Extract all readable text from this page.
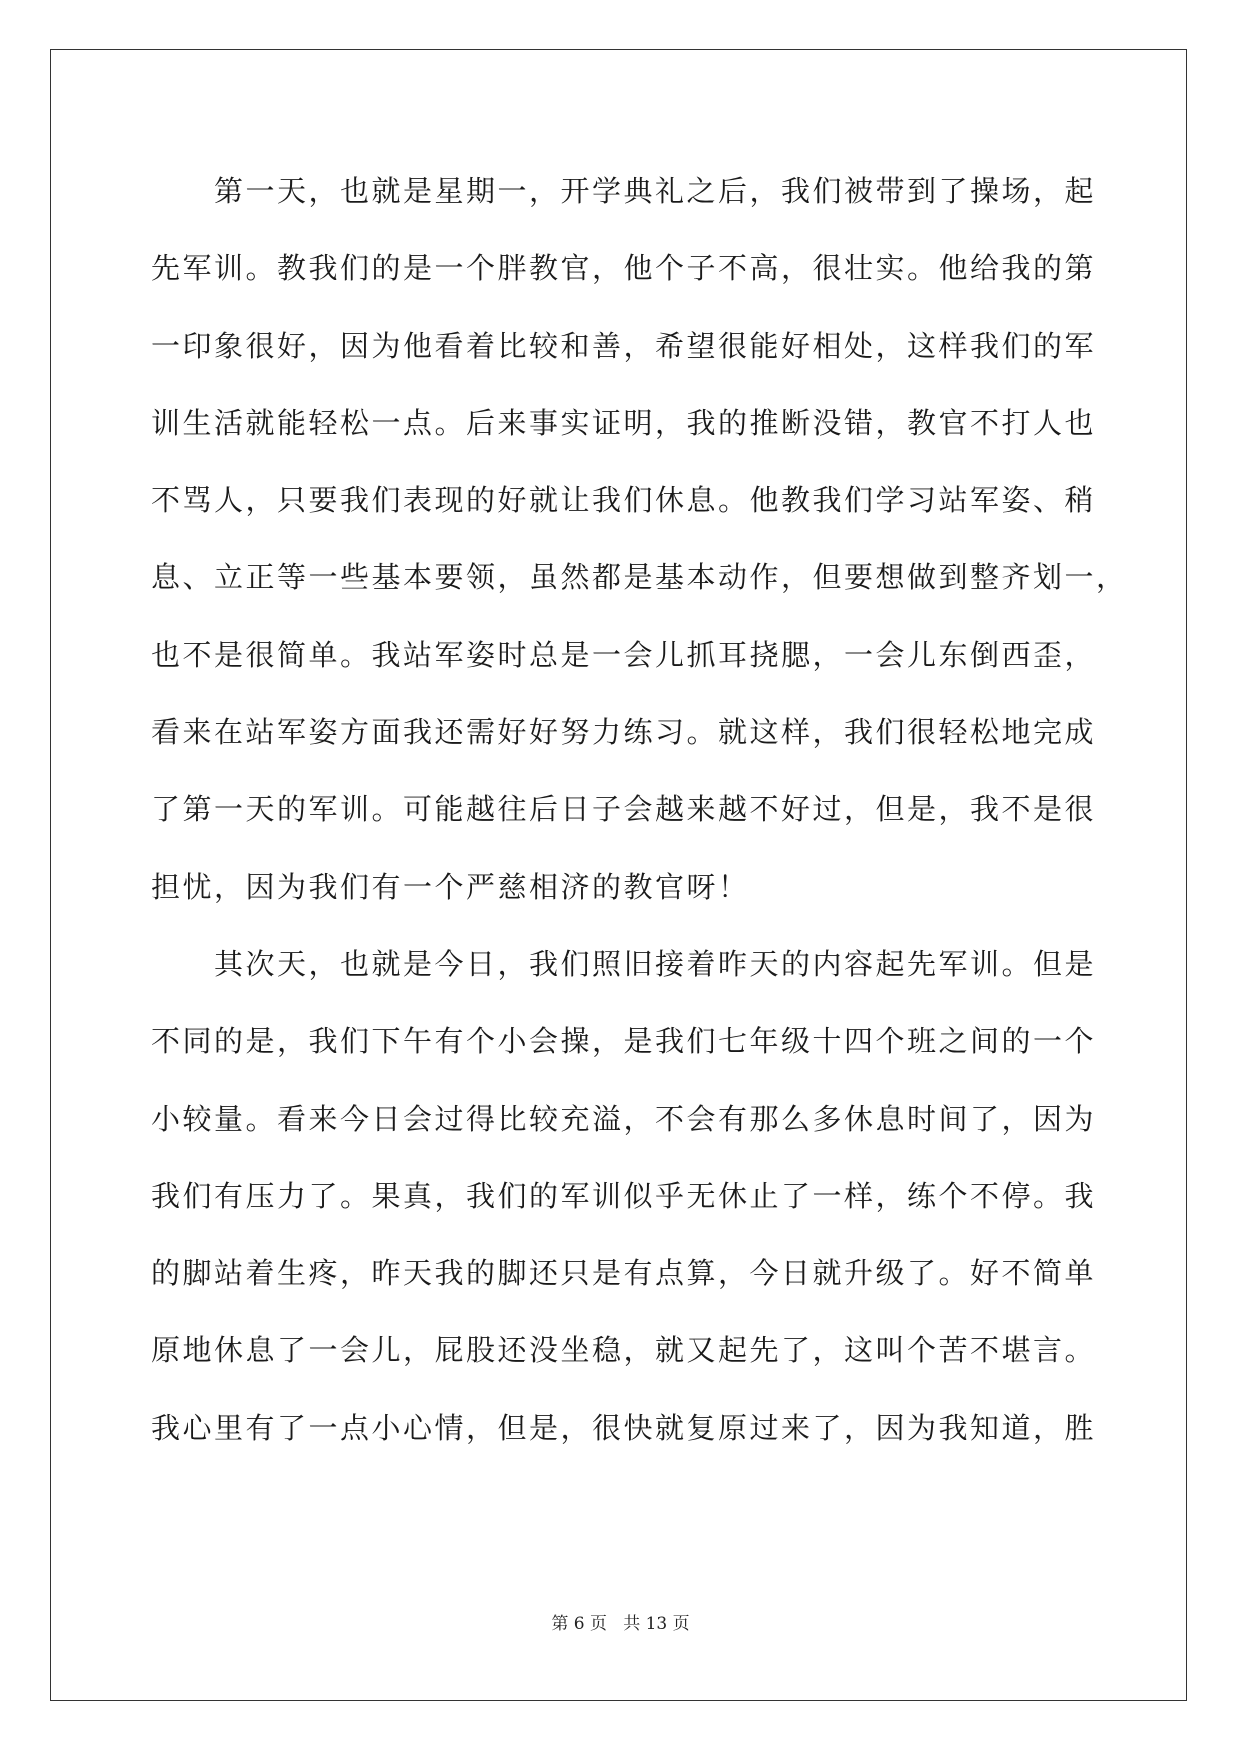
第一天，也就是星期一，开学典礼之后，我们被带到了操场，起
先军训。教我们的是一个胖教官，他个子不高，很壮实。他给我的第
一印象很好，因为他看着比较和善，希望很能好相处，这样我们的军
训生活就能轻松一点。后来事实证明，我的推断没错，教官不打人也
不骂人，只要我们表现的好就让我们休息。他教我们学习站军姿、稍
息、立正等一些基本要领，虽然都是基本动作，但要想做到整齐划一，
也不是很简单。我站军姿时总是一会儿抓耳挠腮，一会儿东倒西歪，
看来在站军姿方面我还需好好努力练习。就这样，我们很轻松地完成
了第一天的军训。可能越往后日子会越来越不好过，但是，我不是很
担忧，因为我们有一个严慈相济的教官呀！
其次天，也就是今日，我们照旧接着昨天的内容起先军训。但是
不同的是，我们下午有个小会操，是我们七年级十四个班之间的一个
小较量。看来今日会过得比较充溢，不会有那么多休息时间了，因为
我们有压力了。果真，我们的军训似乎无休止了一样，练个不停。我
的脚站着生疼，昨天我的脚还只是有点算，今日就升级了。好不简单
原地休息了一会儿，屁股还没坐稳，就又起先了，这叫个苦不堪言。
我心里有了一点小心情，但是，很快就复原过来了，因为我知道，胜
第 6 页 共 13 页
